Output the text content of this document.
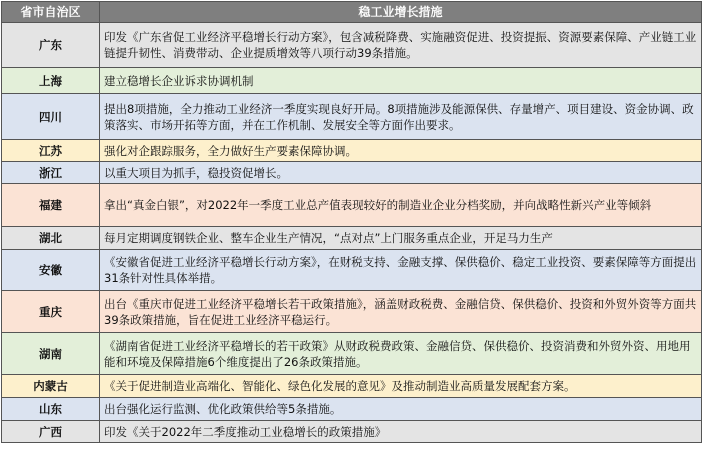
省市自治区	稳工业增长措施
广东	印发《广东省促工业经济平稳增长行动方案》，包含减税降费、实施融资促进、投资提振、资源要素保障、产业链工业链提升韧性、消费带动、企业提质增效等八项行动39条措施。
上海	建立稳增长企业诉求协调机制
四川	提出8项措施，全力推动工业经济一季度实现良好开局。8项措施涉及能源保供、存量增产、项目建设、资金协调、政策落实、市场开拓等方面，并在工作机制、发展安全等方面作出要求。
江苏	强化对企跟踪服务，全力做好生产要素保障协调。
浙江	以重大项目为抓手，稳投资促增长。
福建	拿出“真金白银”，对2022年一季度工业总产值表现较好的制造业企业分档奖励，并向战略性新兴产业等倾斜
湖北	每月定期调度钢铁企业、整车企业生产情况，“点对点”上门服务重点企业，开足马力生产
安徽	《安徽省促进工业经济平稳增长行动方案》，在财税支持、金融支撑、保供稳价、稳定工业投资、要素保障等方面提出31条针对性具体举措。
重庆	出台《重庆市促进工业经济平稳增长若干政策措施》，涵盖财政税费、金融信贷、保供稳价、投资和外贸外资等方面共39条政策措施，旨在促进工业经济平稳运行。
湖南	《湖南省促进工业经济平稳增长的若干政策》从财政税费政策、金融信贷、保供稳价、投资消费和外贸外资、用地用能和环境及保障措施6个维度提出了26条政策措施。
内蒙古	《关于促进制造业高端化、智能化、绿色化发展的意见》及推动制造业高质量发展配套方案。
山东	出台强化运行监测、优化政策供给等5条措施。
广西	印发《关于2022年二季度推动工业稳增长的政策措施》
